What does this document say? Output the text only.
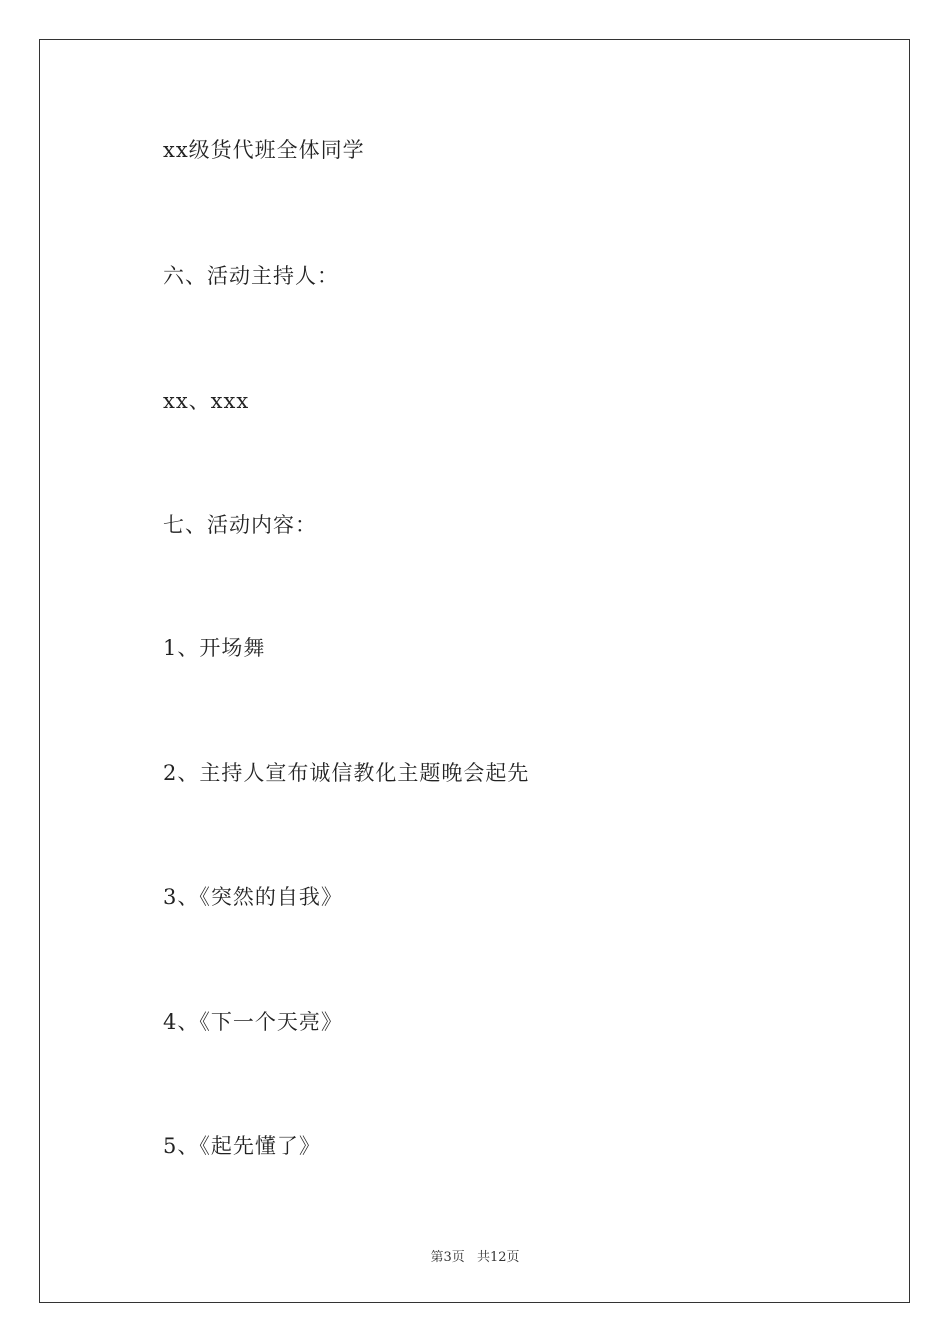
xx级货代班全体同学
六、活动主持人：
xx、xxx
七、活动内容：
1、开场舞
2、主持人宣布诚信教化主题晚会起先
3、《突然的自我》
4、《下一个天亮》
5、《起先懂了》
第3页 共12页
